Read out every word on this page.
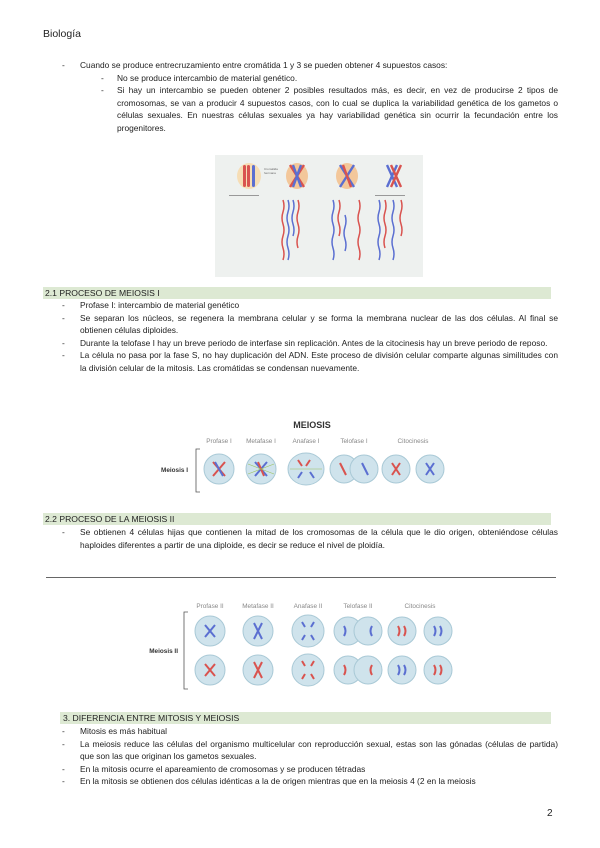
Biología
- Cuando se produce entrecruzamiento entre cromátida 1 y 3 se pueden obtener 4 supuestos casos:
- No se produce intercambio de material genético.
- Si hay un intercambio se pueden obtener 2 posibles resultados más, es decir, en vez de producirse 2 tipos de cromosomas, se van a producir 4 supuestos casos, con lo cual se duplica la variabilidad genética de los gametos o células sexuales. En nuestras células sexuales ya hay variabilidad genética sin ocurrir la fecundación entre los progenitores.
Cromátida
hermana
2.1 PROCESO DE MEIOSIS I
- Profase I: intercambio de material genético
- Se separan los núcleos, se regenera la membrana celular y se forma la membrana nuclear de las dos células. Al final se obtienen células diploides.
- Durante la telofase I hay un breve periodo de interfase sin replicación. Antes de la citocinesis hay un breve periodo de reposo.
- La célula no pasa por la fase S, no hay duplicación del ADN. Este proceso de división celular comparte algunas similitudes con la división celular de la mitosis. Las cromátidas se condensan nuevamente.
MEIOSIS
Profase I Metafase I	Anafase I	Telofase I	Citocinesis
Meiosis I
2.2 PROCESO DE LA MEIOSIS II
- Se obtienen 4 células hijas que contienen la mitad de los cromosomas de la célula que le dio origen, obteniéndose células haploides diferentes a partir de una diploide, es decir se reduce el nivel de ploidía.
Profase II	Metafase II	Anafase II	Telofase II	Citocinesis
Meiosis II
3. DIFERENCIA ENTRE MITOSIS Y MEIOSIS
- Mitosis es más habitual
- La meiosis reduce las células del organismo multicelular con reproducción sexual, estas son las gónadas (células de partida) que son las que originan los gametos sexuales.
- En la mitosis ocurre el apareamiento de cromosomas y se producen tétradas
- En la mitosis se obtienen dos células idénticas a la de origen mientras que en la meiosis 4 (2 en la meiosis
2
